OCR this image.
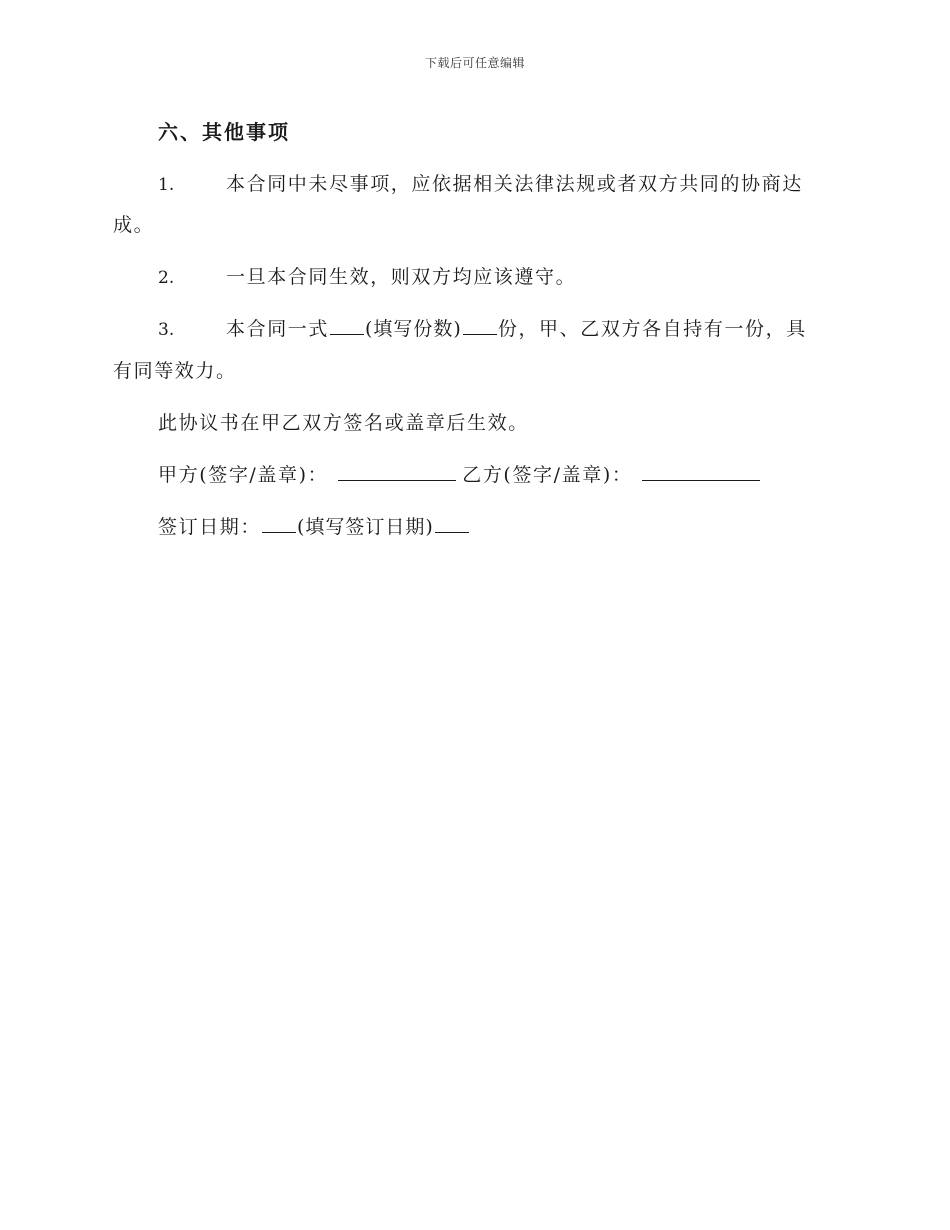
下载后可任意编辑
六、其他事项
1.	本合同中未尽事项，应依据相关法律法规或者双方共同的协商达
成。
2.	一旦本合同生效，则双方均应该遵守。
3.	本合同一式 (填写份数) 份，甲、乙双方各自持有一份，具
有同等效力。
此协议书在甲乙双方签名或盖章后生效。
甲方(签字/盖章)：	乙方(签字/盖章)：
签订日期： (填写签订日期)
